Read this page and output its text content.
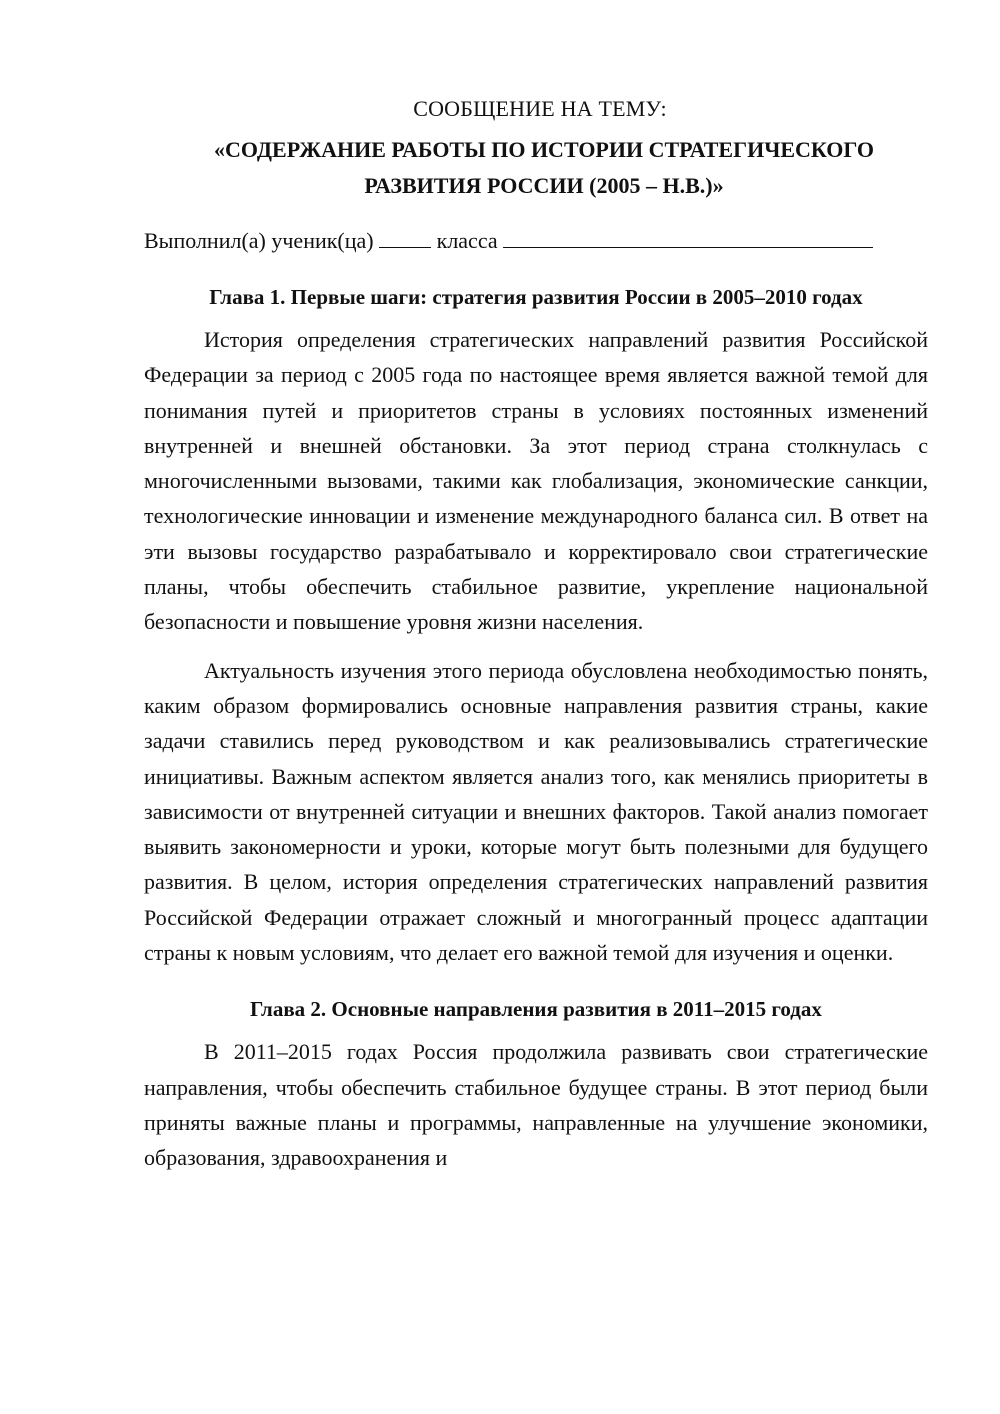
СООБЩЕНИЕ НА ТЕМУ:

«СОДЕРЖАНИЕ РАБОТЫ ПО ИСТОРИИ СТРАТЕГИЧЕСКОГО
РАЗВИТИЯ РОССИИ (2005 – Н.В.)»

Выполнил(а) ученик(ца)	класса

Глава 1. Первые шаги: стратегия развития России в 2005–2010 годах

История определения стратегических направлений развития Российской Федерации за период с 2005 года по настоящее время является важной темой для понимания путей и приоритетов страны в условиях постоянных изменений внутренней и внешней обстановки. За этот период страна столкнулась с многочисленными вызовами, такими как глобализация, экономические санкции, технологические инновации и изменение международного баланса сил. В ответ на эти вызовы государство разрабатывало и корректировало свои стратегические планы, чтобы обеспечить стабильное развитие, укрепление национальной безопасности и повышение уровня жизни населения.

Актуальность изучения этого периода обусловлена необходимостью понять, каким образом формировались основные направления развития страны, какие задачи ставились перед руководством и как реализовывались стратегические инициативы. Важным аспектом является анализ того, как менялись приоритеты в зависимости от внутренней ситуации и внешних факторов. Такой анализ помогает выявить закономерности и уроки, которые могут быть полезными для будущего развития. В целом, история определения стратегических направлений развития Российской Федерации отражает сложный и многогранный процесс адаптации страны к новым условиям, что делает его важной темой для изучения и оценки.

Глава 2. Основные направления развития в 2011–2015 годах

В 2011–2015 годах Россия продолжила развивать свои стратегические направления, чтобы обеспечить стабильное будущее страны. В этот период были приняты важные планы и программы, направленные на улучшение экономики, образования, здравоохранения и
